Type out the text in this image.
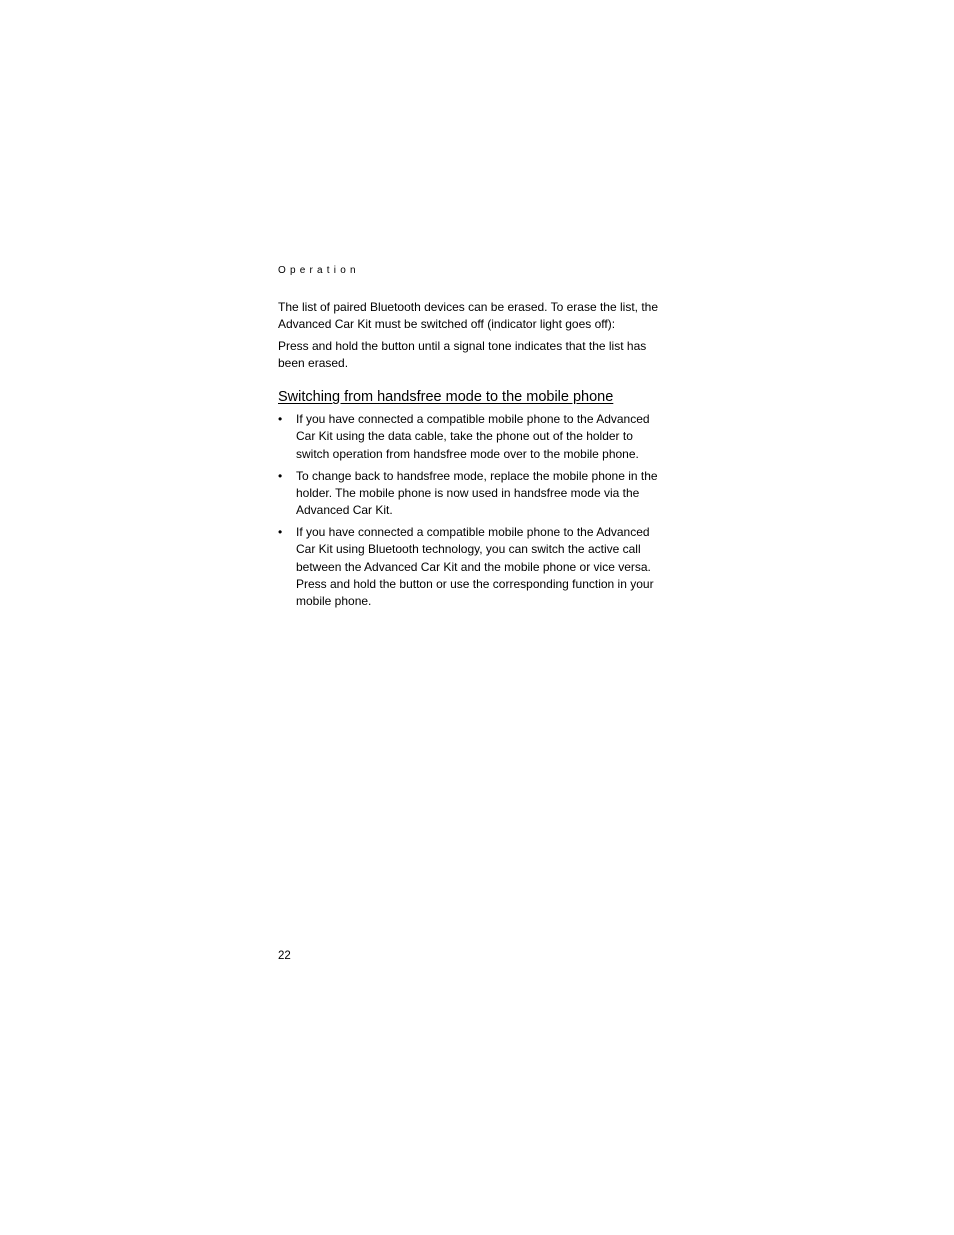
Operation

The list of paired Bluetooth devices can be erased. To erase the list, the Advanced Car Kit must be switched off (indicator light goes off):

Press and hold the button until a signal tone indicates that the list has been erased.

Switching from handsfree mode to the mobile phone
• If you have connected a compatible mobile phone to the Advanced Car Kit using the data cable, take the phone out of the holder to switch operation from handsfree mode over to the mobile phone.
• To change back to handsfree mode, replace the mobile phone in the holder. The mobile phone is now used in handsfree mode via the Advanced Car Kit.
• If you have connected a compatible mobile phone to the Advanced Car Kit using Bluetooth technology, you can switch the active call between the Advanced Car Kit and the mobile phone or vice versa. Press and hold the button or use the corresponding function in your mobile phone.
22
